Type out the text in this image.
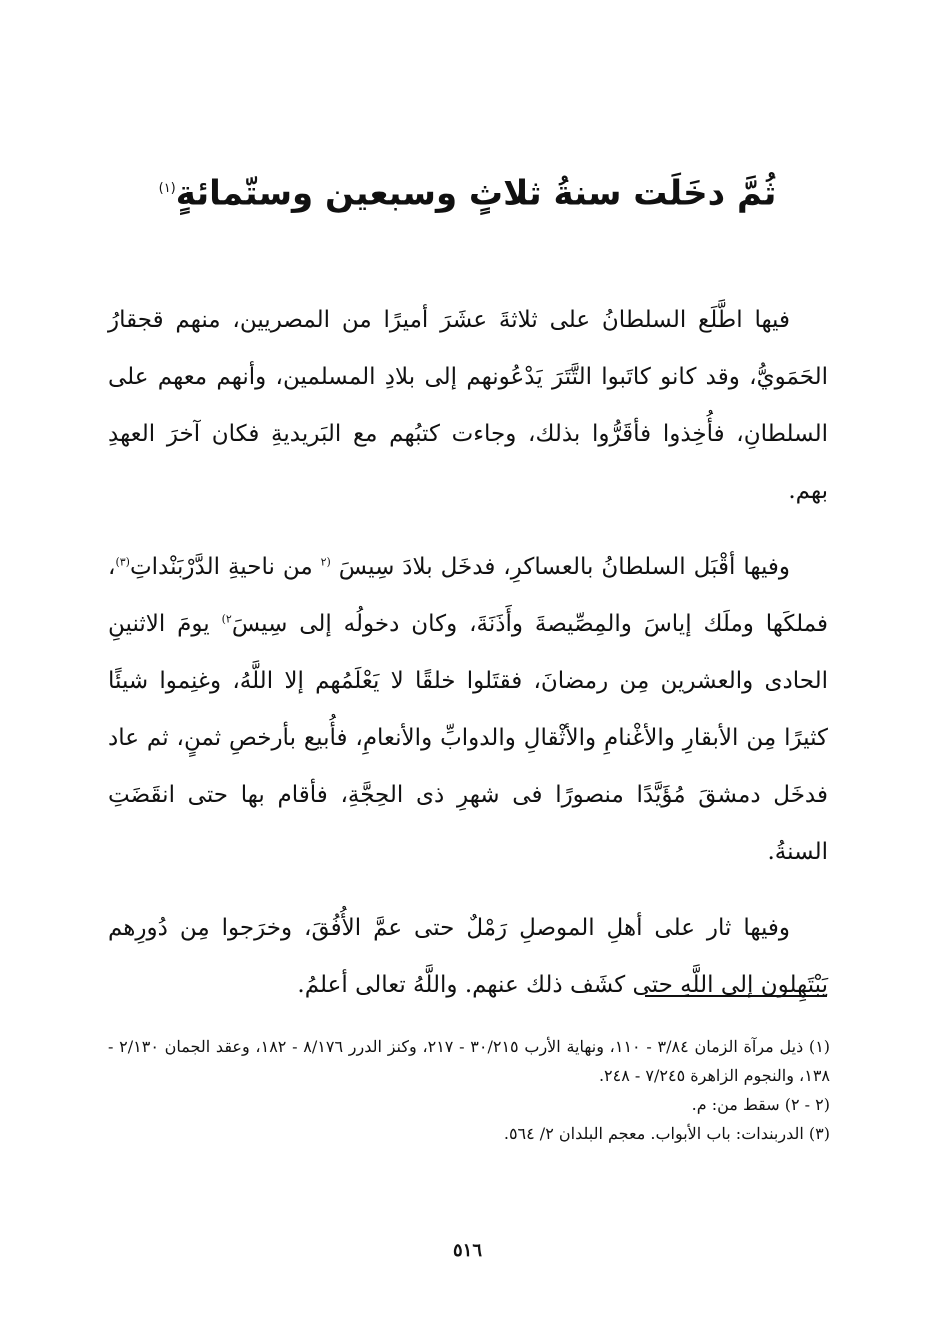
ثُمَّ دخَلَت سنةُ ثلاثٍ وسبعين وستّمائةٍ$^{(١)}$

فيها اطَّلَع السلطانُ على ثلاثةَ عشَرَ أميرًا من المصريين، منهم قجقارُ الحَمَويُّ، وقد كانو كاتَبوا التَّتَرَ يَدْعُونهم إلى بلادِ المسلمين، وأنهم معهم على السلطانِ، فأُخِذوا فأقَرُّوا بذلك، وجاءت كتبُهم مع البَريديةِ فكان آخرَ العهدِ بهم.

وفيها أقْبَل السلطانُ بالعساكرِ، فدخَل بلادَ سِيسَ $^{(٢}$ من ناحيةِ الدَّرْبَنْداتِ$^{(٣)}$، فملكَها وملَك إياسَ والمِصِّيصةَ وأَذَنَةَ، وكان دخولُه إلى سِيسَ$^{٢)}$ يومَ الاثنينِ الحادى والعشرين مِن رمضانَ، فقتَلوا خلقًا لا يَعْلَمُهم إلا اللَّهُ، وغنِموا شيئًا كثيرًا مِن الأبقارِ والأغْنامِ والأثْقالِ والدوابِّ والأنعامِ، فأُبيع بأرخصِ ثمنٍ، ثم عاد فدخَل دمشقَ مُؤَيَّدًا منصورًا فى شهرِ ذى الحِجَّةِ، فأقام بها حتى انقَضَتِ السنةُ.

وفيها ثار على أهلِ الموصلِ رَمْلٌ حتى عمَّ الأُفُقَ، وخرَجوا مِن دُورِهم يَبْتَهِلون إلى اللَّهِ حتى كشَف ذلك عنهم. واللَّهُ تعالى أعلمُ.

(١) ذيل مرآة الزمان ٣/٨٤ - ١١٠، ونهاية الأرب ٣٠/٢١٥ - ٢١٧، وكنز الدرر ٨/١٧٦ - ١٨٢، وعقد الجمان ٢/١٣٠ - ١٣٨، والنجوم الزاهرة ٧/٢٤٥ - ٢٤٨.

(٢ - ٢) سقط من: م.

(٣) الدربندات: باب الأبواب. معجم البلدان ٢/ ٥٦٤.

٥١٦
